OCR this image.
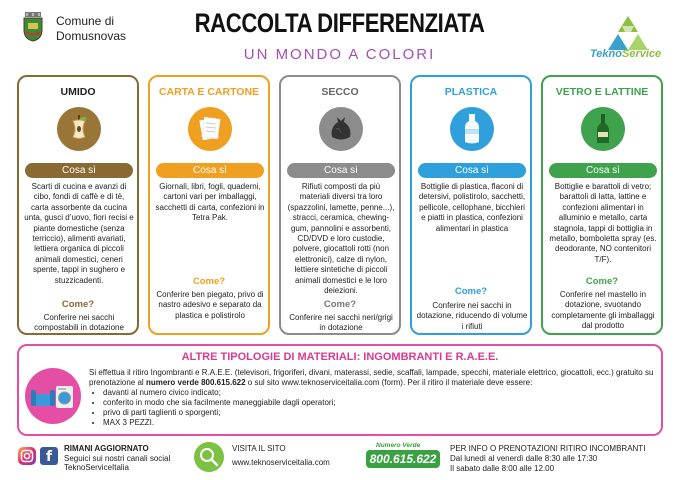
Comune di
Domusnovas	RACCOLTA DIFFERENZIATA
UN MONDO A COLORI	TeknoService
UMIDO
Cosa sì
Scarti di cucina e avanzi di cibo, fondi di caffè e di tè, carta assorbente da cucina unta, gusci d’uovo, fiori recisi e piante domestiche (senza terriccio), alimenti avariati, lettiera organica di piccoli animali domestici, ceneri spente, tappi in sughero e stuzzicadenti.
Come?
Conferire nei sacchi compostabili in dotazione
CARTA E CARTONE
Cosa sì
Giornali, libri, fogli, quaderni, cartoni vari per imballaggi, sacchetti di carta, confezioni in Tetra Pak.
Come?
Conferire ben piegato, privo di nastro adesivo e separato da plastica e polistirolo
SECCO
Cosa sì
Rifiuti composti da più materiali diversi tra loro (spazzolini, lamette, penne...), stracci, ceramica, chewing-gum, pannolini e assorbenti, CD/DVD e loro custodie, polvere, giocattoli rotti (non elettronici), calze di nylon, lettiere sintetiche di piccoli animali domestici e le loro deiezioni.
Come?
Conferire nei sacchi neri/grigi in dotazione
PLASTICA
Cosa sì
Bottiglie di plastica, flaconi di detersivi, polistirolo, sacchetti, pellicole, cellophane, bicchieri e piatti in plastica, confezioni alimentari in plastica
Come?
Conferire nei sacchi in dotazione, riducendo di volume i rifiuti
VETRO E LATTINE
Cosa sì
Bottiglie e barattoli di vetro; barattoli di latta, lattine e confezioni alimentari in alluminio e metallo, carta stagnola, tappi di bottiglia in metallo, bomboletta spray (es. deodorante, NO contenitori T/F).
Come?
Conferire nel mastello in dotazione, svuotando completamente gli imballaggi dal prodotto
ALTRE TIPOLOGIE DI MATERIALI: INGOMBRANTI E R.A.E.E.
Si effettua il ritiro Ingombranti e R.A.E.E. (televisori, frigoriferi, divani, materassi, sedie, scaffali, lampade, specchi, materiale elettrico, giocattoli, ecc.) gratuito su prenotazione al numero verde 800.615.622 o sul sito www.teknoserviceitalia.com (form). Per il ritiro il materiale deve essere:
• davanti al numero civico indicato;
• conferito in modo che sia facilmente maneggiabile dagli operatori;
• privo di parti taglienti o sporgenti;
• MAX 3 PEZZI.
f
RIMANI AGGIORNATO
Seguici sui nostri canali social
TeknoServiceItalia
VISITA IL SITO
www.teknoserviceitalia.com
Numero Verde
800.615.622
PER INFO O PRENOTAZIONI RITIRO INCOMBRANTI
Dal lunedì al venerdì dalle 8:30 alle 17:30
Il sabato dalle 8:00 alle 12.00
